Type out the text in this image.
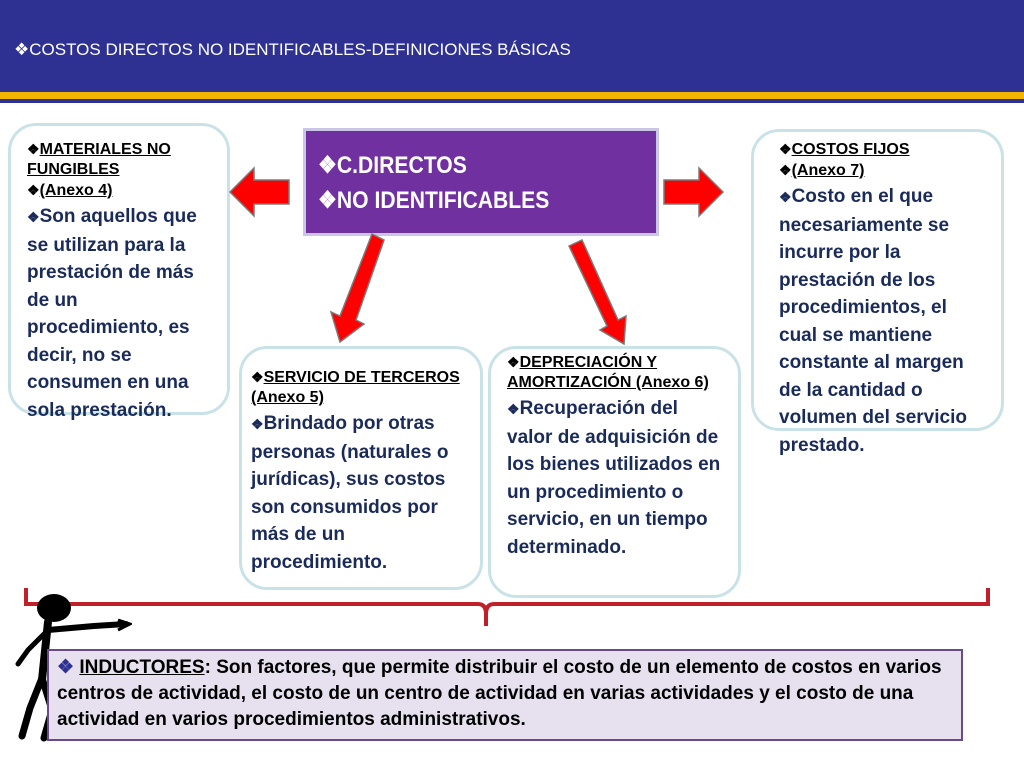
❖COSTOS DIRECTOS NO IDENTIFICABLES-DEFINICIONES BÁSICAS
❖MATERIALES NO FUNGIBLES
❖(Anexo 4)
❖Son aquellos que se utilizan para la prestación de más de un procedimiento, es decir, no se consumen en una sola prestación.
❖COSTOS FIJOS
❖(Anexo 7)
❖Costo en el que necesariamente se incurre por la prestación de los procedimientos, el cual se mantiene constante al margen de la cantidad o volumen del servicio prestado.
❖C.DIRECTOS
❖NO IDENTIFICABLES
❖SERVICIO DE TERCEROS (Anexo 5)
❖Brindado por otras personas (naturales o jurídicas), sus costos son consumidos por más de un procedimiento.
❖DEPRECIACIÓN Y AMORTIZACIÓN (Anexo 6)
❖Recuperación del valor de adquisición de los bienes utilizados en un procedimiento o servicio, en un tiempo determinado.
❖ INDUCTORES: Son factores, que permite distribuir el costo de un elemento de costos en varios centros de actividad, el costo de un centro de actividad en varias actividades y el costo de una actividad en varios procedimientos administrativos.
